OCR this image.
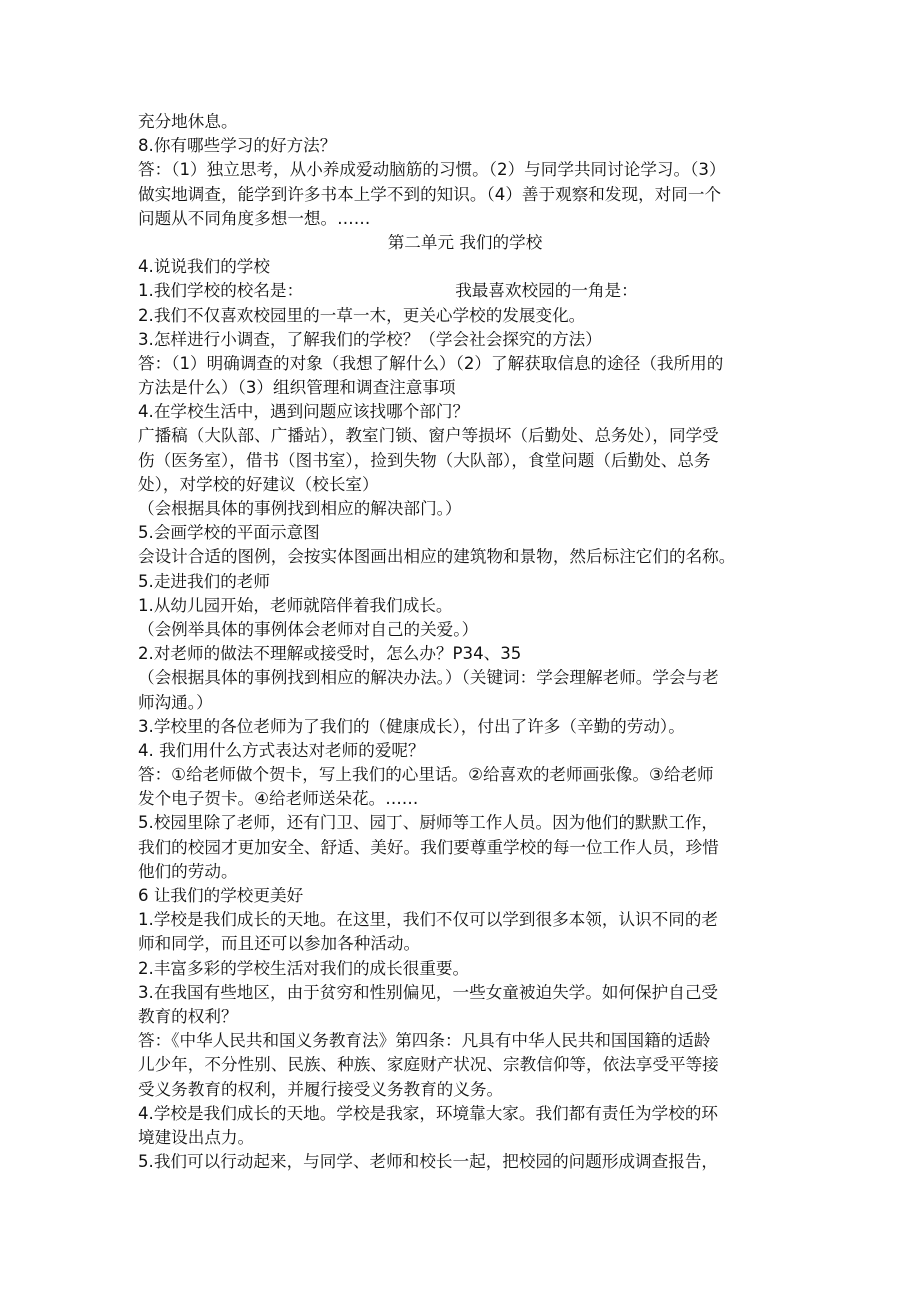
充分地休息。
8.你有哪些学习的好方法？
答：（1）独立思考，从小养成爱动脑筋的习惯。（2）与同学共同讨论学习。（3）
做实地调查，能学到许多书本上学不到的知识。（4）善于观察和发现，对同一个
问题从不同角度多想一想。……
第二单元 我们的学校
4.说说我们的学校
1.我们学校的校名是：	我最喜欢校园的一角是：
2.我们不仅喜欢校园里的一草一木，更关心学校的发展变化。
3.怎样进行小调查，了解我们的学校？（学会社会探究的方法）
答：（1）明确调查的对象（我想了解什么）（2）了解获取信息的途径（我所用的
方法是什么）（3）组织管理和调查注意事项
4.在学校生活中，遇到问题应该找哪个部门？
广播稿（大队部、广播站），教室门锁、窗户等损坏（后勤处、总务处），同学受
伤（医务室），借书（图书室），捡到失物（大队部），食堂问题（后勤处、总务
处），对学校的好建议（校长室）
（会根据具体的事例找到相应的解决部门。）
5.会画学校的平面示意图
会设计合适的图例，会按实体图画出相应的建筑物和景物，然后标注它们的名称。
5.走进我们的老师
1.从幼儿园开始，老师就陪伴着我们成长。
（会例举具体的事例体会老师对自己的关爱。）
2.对老师的做法不理解或接受时，怎么办？P34、35
（会根据具体的事例找到相应的解决办法。）（关键词：学会理解老师。学会与老
师沟通。）
3.学校里的各位老师为了我们的（健康成长），付出了许多（辛勤的劳动）。
4. 我们用什么方式表达对老师的爱呢？
答：①给老师做个贺卡，写上我们的心里话。②给喜欢的老师画张像。③给老师
发个电子贺卡。④给老师送朵花。……
5.校园里除了老师，还有门卫、园丁、厨师等工作人员。因为他们的默默工作，
我们的校园才更加安全、舒适、美好。我们要尊重学校的每一位工作人员，珍惜
他们的劳动。
6 让我们的学校更美好
1.学校是我们成长的天地。在这里，我们不仅可以学到很多本领，认识不同的老
师和同学，而且还可以参加各种活动。
2.丰富多彩的学校生活对我们的成长很重要。
3.在我国有些地区，由于贫穷和性别偏见，一些女童被迫失学。如何保护自己受
教育的权利？
答：《中华人民共和国义务教育法》第四条：凡具有中华人民共和国国籍的适龄
儿少年，不分性别、民族、种族、家庭财产状况、宗教信仰等，依法享受平等接
受义务教育的权利，并履行接受义务教育的义务。
4.学校是我们成长的天地。学校是我家，环境靠大家。我们都有责任为学校的环
境建设出点力。
5.我们可以行动起来，与同学、老师和校长一起，把校园的问题形成调查报告，
